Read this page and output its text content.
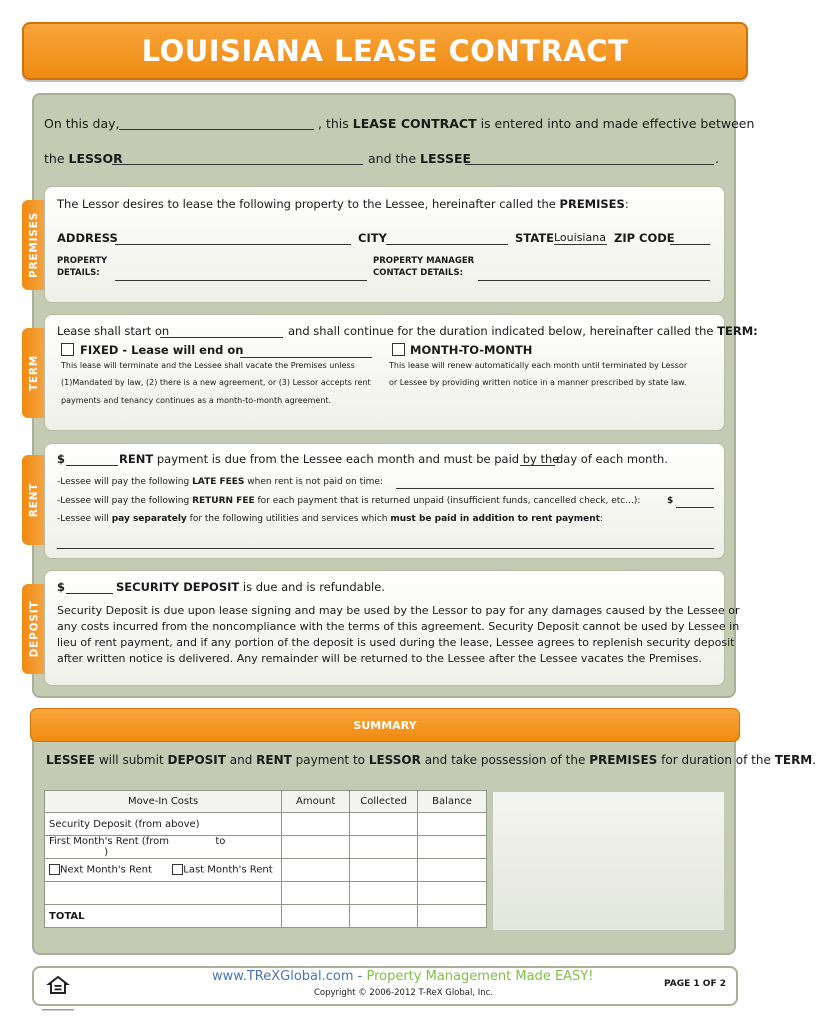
LOUISIANA LEASE CONTRACT
On this day,	, this LEASE CONTRACT is entered into and made effective between
the LESSOR	and the LESSEE	.
PREMISES
The Lessor desires to lease the following property to the Lessee, hereinafter called the PREMISES:
ADDRESS	CITY	STATE Louisiana ZIP CODE
PROPERTY
DETAILS:
PROPERTY MANAGER
CONTACT DETAILS:
TERM
Lease shall start on	and shall continue for the duration indicated below, hereinafter called the TERM:
FIXED - Lease will end on
This lease will terminate and the Lessee shall vacate the Premises unless
(1)Mandated by law, (2) there is a new agreement, or (3) Lessor accepts rent
payments and tenancy continues as a month-to-month agreement.
MONTH-TO-MONTH
This lease will renew automatically each month until terminated by Lessor
or Lessee by providing written notice in a manner prescribed by state law.
RENT
$	RENT payment is due from the Lessee each month and must be paid by the
day of each month.
-Lessee will pay the following LATE FEES when rent is not paid on time:
-Lessee will pay the following RETURN FEE for each payment that is returned unpaid (insufficient funds, cancelled check, etc...):	$
-Lessee will pay separately for the following utilities and services which must be paid in addition to rent payment:
DEPOSIT
$	SECURITY DEPOSIT is due and is refundable.
Security Deposit is due upon lease signing and may be used by the Lessor to pay for any damages caused by the Lessee or
any costs incurred from the noncompliance with the terms of this agreement. Security Deposit cannot be used by Lessee in
lieu of rent payment, and if any portion of the deposit is used during the lease, Lessee agrees to replenish security deposit
after written notice is delivered. Any remainder will be returned to the Lessee after the Lessee vacates the Premises.
SUMMARY
LESSEE will submit DEPOSIT and RENT payment to LESSOR and take possession of the PREMISES for duration of the TERM.
Move-In Costs	Amount	Collected	Balance
Security Deposit (from above)			
First Month's Rent (from to  )			
Next Month's Rent Last Month's Rent			

TOTAL			
www.TReXGlobal.com - Property Management Made EASY!
Copyright © 2006-2012 T-ReX Global, Inc.
PAGE 1 OF 2
